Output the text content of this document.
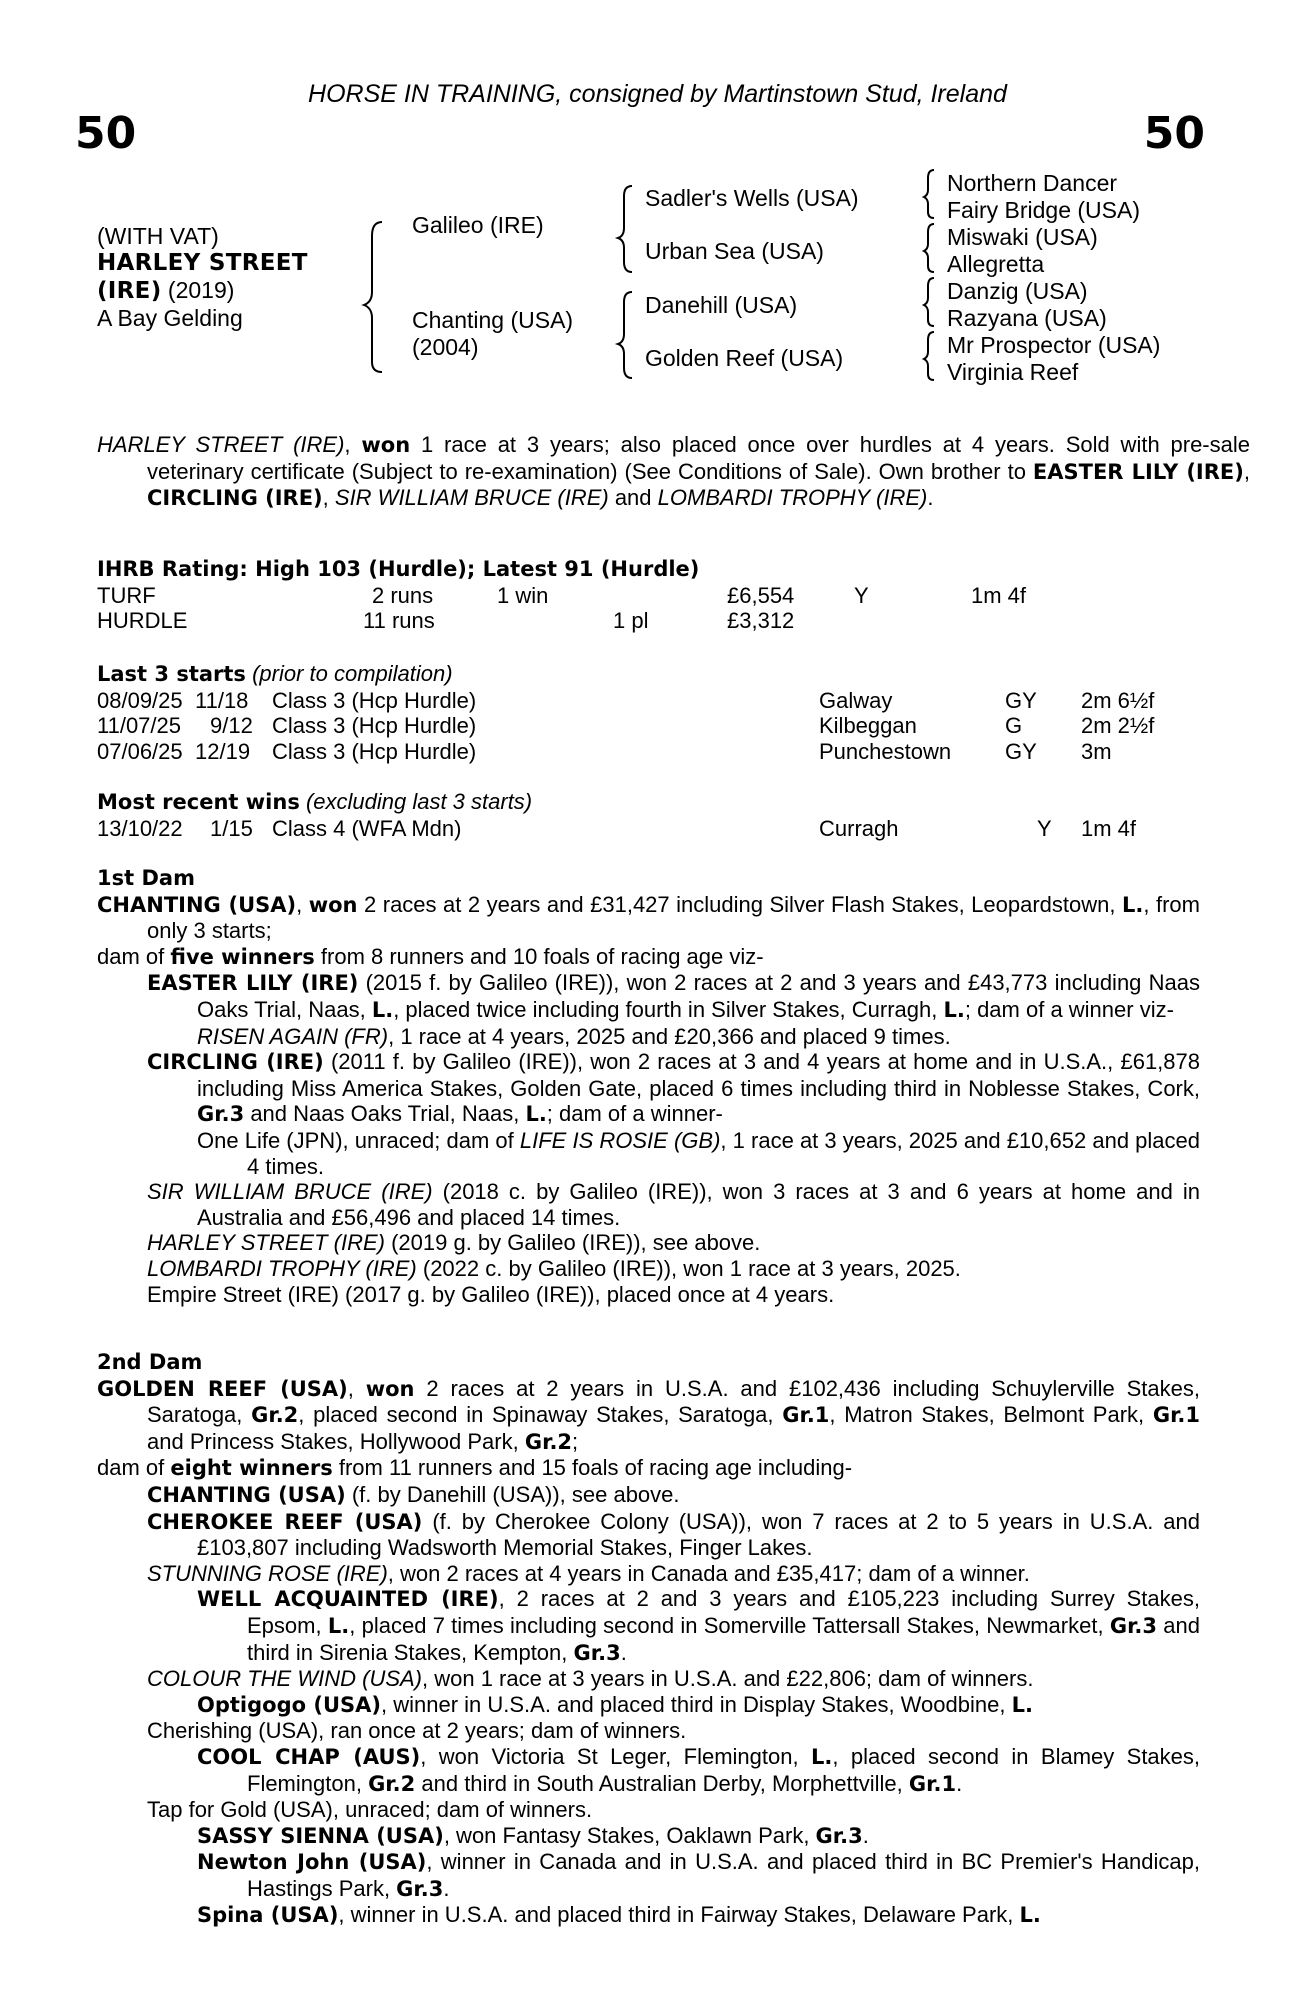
HORSE IN TRAINING, consigned by Martinstown Stud, Ireland
50	50
(WITH VAT)
HARLEY STREET
(IRE) (2019)
A Bay Gelding
Galileo (IRE)
Chanting (USA)
(2004)
Sadler's Wells (USA)
Urban Sea (USA)
Danehill (USA)
Golden Reef (USA)
Northern Dancer
Fairy Bridge (USA)
Miswaki (USA)
Allegretta
Danzig (USA)
Razyana (USA)
Mr Prospector (USA)
Virginia Reef
HARLEY STREET (IRE), won 1 race at 3 years; also placed once over hurdles at 4 years. Sold with pre-sale veterinary certificate (Subject to re-examination) (See Conditions of Sale). Own brother to EASTER LILY (IRE), CIRCLING (IRE), SIR WILLIAM BRUCE (IRE) and LOMBARDI TROPHY (IRE).
IHRB Rating: High 103 (Hurdle); Latest 91 (Hurdle)
TURF	2 runs	1 win	£6,554	Y	1m 4f
HURDLE	11 runs	1 pl	£3,312
Last 3 starts (prior to compilation)
08/09/25 11/18 Class 3 (Hcp Hurdle)	Galway	GY 2m 6½f
11/07/25 9/12 Class 3 (Hcp Hurdle)	Kilbeggan	G	2m 2½f
07/06/25 12/19 Class 3 (Hcp Hurdle)	Punchestown GY 3m
Most recent wins (excluding last 3 starts)
13/10/22 1/15 Class 4 (WFA Mdn)	Curragh	Y 1m 4f
1st Dam
CHANTING (USA), won 2 races at 2 years and £31,427 including Silver Flash Stakes, Leopardstown, L., from only 3 starts;
dam of five winners from 8 runners and 10 foals of racing age viz-
EASTER LILY (IRE) (2015 f. by Galileo (IRE)), won 2 races at 2 and 3 years and £43,773 including Naas Oaks Trial, Naas, L., placed twice including fourth in Silver Stakes, Curragh, L.; dam of a winner viz-
RISEN AGAIN (FR), 1 race at 4 years, 2025 and £20,366 and placed 9 times.
CIRCLING (IRE) (2011 f. by Galileo (IRE)), won 2 races at 3 and 4 years at home and in U.S.A., £61,878 including Miss America Stakes, Golden Gate, placed 6 times including third in Noblesse Stakes, Cork, Gr.3 and Naas Oaks Trial, Naas, L.; dam of a winner-
One Life (JPN), unraced; dam of LIFE IS ROSIE (GB), 1 race at 3 years, 2025 and £10,652 and placed 4 times.
SIR WILLIAM BRUCE (IRE) (2018 c. by Galileo (IRE)), won 3 races at 3 and 6 years at home and in Australia and £56,496 and placed 14 times.
HARLEY STREET (IRE) (2019 g. by Galileo (IRE)), see above.
LOMBARDI TROPHY (IRE) (2022 c. by Galileo (IRE)), won 1 race at 3 years, 2025.
Empire Street (IRE) (2017 g. by Galileo (IRE)), placed once at 4 years.
2nd Dam
GOLDEN REEF (USA), won 2 races at 2 years in U.S.A. and £102,436 including Schuylerville Stakes, Saratoga, Gr.2, placed second in Spinaway Stakes, Saratoga, Gr.1, Matron Stakes, Belmont Park, Gr.1 and Princess Stakes, Hollywood Park, Gr.2;
dam of eight winners from 11 runners and 15 foals of racing age including-
CHANTING (USA) (f. by Danehill (USA)), see above.
CHEROKEE REEF (USA) (f. by Cherokee Colony (USA)), won 7 races at 2 to 5 years in U.S.A. and £103,807 including Wadsworth Memorial Stakes, Finger Lakes.
STUNNING ROSE (IRE), won 2 races at 4 years in Canada and £35,417; dam of a winner.
WELL ACQUAINTED (IRE), 2 races at 2 and 3 years and £105,223 including Surrey Stakes, Epsom, L., placed 7 times including second in Somerville Tattersall Stakes, Newmarket, Gr.3 and third in Sirenia Stakes, Kempton, Gr.3.
COLOUR THE WIND (USA), won 1 race at 3 years in U.S.A. and £22,806; dam of winners.
Optigogo (USA), winner in U.S.A. and placed third in Display Stakes, Woodbine, L.
Cherishing (USA), ran once at 2 years; dam of winners.
COOL CHAP (AUS), won Victoria St Leger, Flemington, L., placed second in Blamey Stakes, Flemington, Gr.2 and third in South Australian Derby, Morphettville, Gr.1.
Tap for Gold (USA), unraced; dam of winners.
SASSY SIENNA (USA), won Fantasy Stakes, Oaklawn Park, Gr.3.
Newton John (USA), winner in Canada and in U.S.A. and placed third in BC Premier's Handicap, Hastings Park, Gr.3.
Spina (USA), winner in U.S.A. and placed third in Fairway Stakes, Delaware Park, L.
